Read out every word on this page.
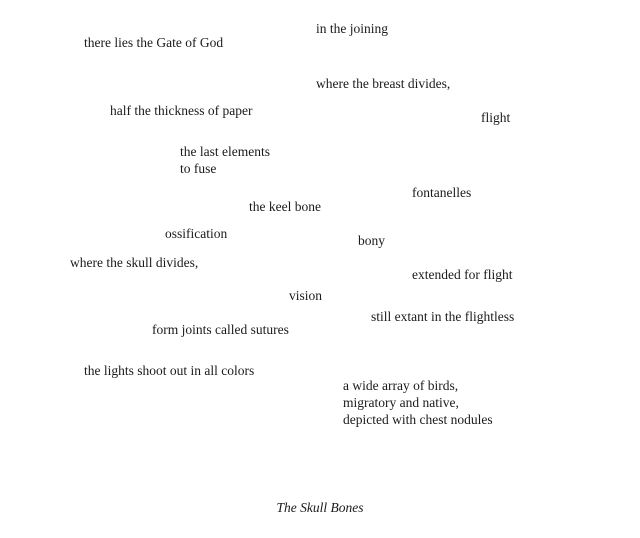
in the joining
there lies the Gate of God
where the breast divides,
half the thickness of paper	flight
the last elements
to fuse
fontanelles
the keel bone
ossification	bony
where the skull divides,
extended for flight
vision
still extant in the flightless
form joints called sutures
the lights shoot out in all colors
a wide array of birds,
migratory and native,
depicted with chest nodules
The Skull Bones
